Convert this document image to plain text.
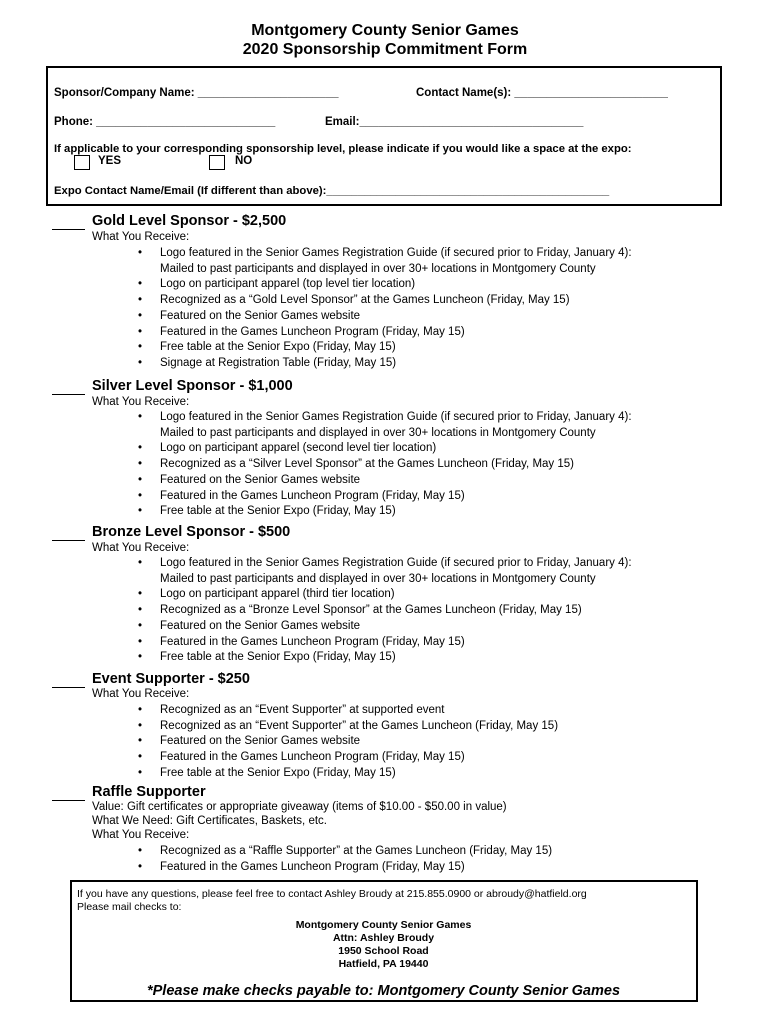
Montgomery County Senior Games
2020 Sponsorship Commitment Form
Sponsor/Company Name: ______________________	Contact Name(s): ________________________
Phone: ____________________________	Email:___________________________________
If applicable to your corresponding sponsorship level, please indicate if you would like a space at the expo:
YES	NO
Expo Contact Name/Email (If different than above):_____________________________________________
Gold Level Sponsor - $2,500
What You Receive:
• Logo featured in the Senior Games Registration Guide (if secured prior to Friday, January 4):
Mailed to past participants and displayed in over 30+ locations in Montgomery County
• Logo on participant apparel (top level tier location)
• Recognized as a “Gold Level Sponsor” at the Games Luncheon (Friday, May 15)
• Featured on the Senior Games website
• Featured in the Games Luncheon Program (Friday, May 15)
• Free table at the Senior Expo (Friday, May 15)
• Signage at Registration Table (Friday, May 15)
Silver Level Sponsor - $1,000
What You Receive:
• Logo featured in the Senior Games Registration Guide (if secured prior to Friday, January 4):
Mailed to past participants and displayed in over 30+ locations in Montgomery County
• Logo on participant apparel (second level tier location)
• Recognized as a “Silver Level Sponsor” at the Games Luncheon (Friday, May 15)
• Featured on the Senior Games website
• Featured in the Games Luncheon Program (Friday, May 15)
• Free table at the Senior Expo (Friday, May 15)
Bronze Level Sponsor - $500
What You Receive:
• Logo featured in the Senior Games Registration Guide (if secured prior to Friday, January 4):
Mailed to past participants and displayed in over 30+ locations in Montgomery County
• Logo on participant apparel (third tier location)
• Recognized as a “Bronze Level Sponsor” at the Games Luncheon (Friday, May 15)
• Featured on the Senior Games website
• Featured in the Games Luncheon Program (Friday, May 15)
• Free table at the Senior Expo (Friday, May 15)
Event Supporter - $250
What You Receive:
• Recognized as an “Event Supporter” at supported event
• Recognized as an “Event Supporter” at the Games Luncheon (Friday, May 15)
• Featured on the Senior Games website
• Featured in the Games Luncheon Program (Friday, May 15)
• Free table at the Senior Expo (Friday, May 15)
Raffle Supporter
Value: Gift certificates or appropriate giveaway (items of $10.00 - $50.00 in value)
What We Need: Gift Certificates, Baskets, etc.
What You Receive:
• Recognized as a “Raffle Supporter” at the Games Luncheon (Friday, May 15)
• Featured in the Games Luncheon Program (Friday, May 15)
If you have any questions, please feel free to contact Ashley Broudy at 215.855.0900 or abroudy@hatfield.org
Please mail checks to:
Montgomery County Senior Games
Attn: Ashley Broudy
1950 School Road
Hatfield, PA 19440
*Please make checks payable to: Montgomery County Senior Games
